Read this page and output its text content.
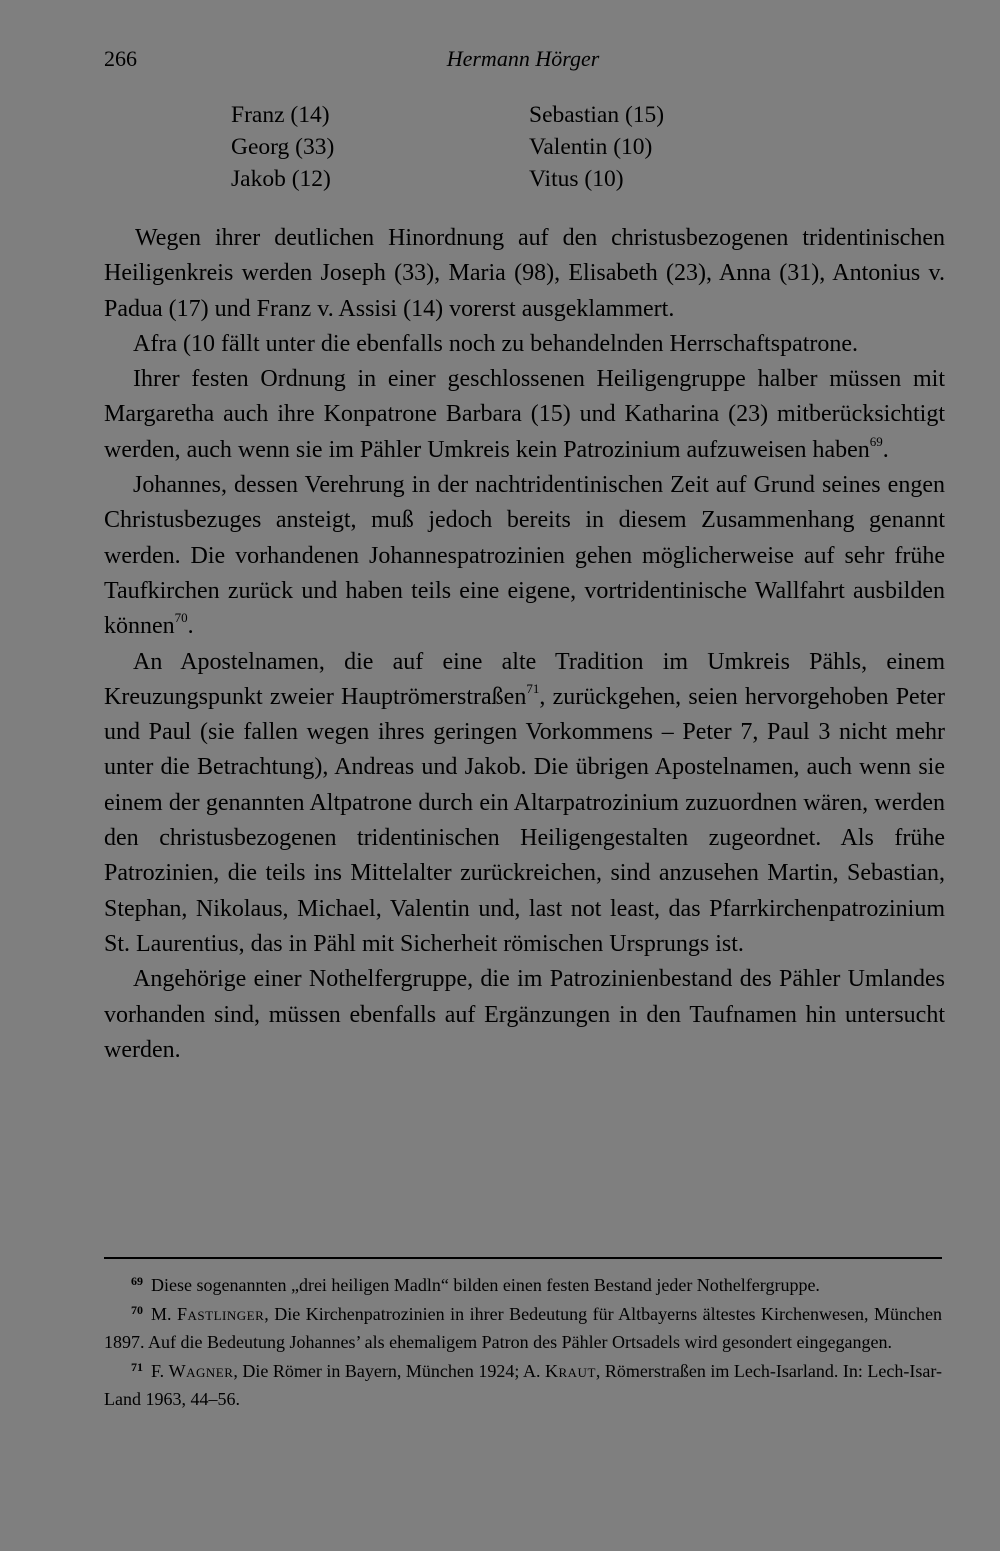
266	Hermann Hörger
Franz (14)
Georg (33)
Jakob (12)
Sebastian (15)
Valentin (10)
Vitus (10)

Wegen ihrer deutlichen Hinordnung auf den christusbezogenen tridentinischen Heiligenkreis werden Joseph (33), Maria (98), Elisabeth (23), Anna (31), Antonius v. Padua (17) und Franz v. Assisi (14) vorerst ausgeklammert.

Afra (10 fällt unter die ebenfalls noch zu behandelnden Herrschaftspatrone.

Ihrer festen Ordnung in einer geschlossenen Heiligengruppe halber müssen mit Margaretha auch ihre Konpatrone Barbara (15) und Katharina (23) mitberücksichtigt werden, auch wenn sie im Pähler Umkreis kein Patrozinium aufzuweisen haben$^{69}$.

Johannes, dessen Verehrung in der nachtridentinischen Zeit auf Grund seines engen Christusbezuges ansteigt, muß jedoch bereits in diesem Zusammenhang genannt werden. Die vorhandenen Johannespatrozinien gehen möglicherweise auf sehr frühe Taufkirchen zurück und haben teils eine eigene, vortridentinische Wallfahrt ausbilden können$^{70}$.

An Apostelnamen, die auf eine alte Tradition im Umkreis Pähls, einem Kreuzungspunkt zweier Hauptrömerstraßen$^{71}$, zurückgehen, seien hervorgehoben Peter und Paul (sie fallen wegen ihres geringen Vorkommens – Peter 7, Paul 3 nicht mehr unter die Betrachtung), Andreas und Jakob. Die übrigen Apostelnamen, auch wenn sie einem der genannten Altpatrone durch ein Altarpatrozinium zuzuordnen wären, werden den christusbezogenen tridentinischen Heiligengestalten zugeordnet. Als frühe Patrozinien, die teils ins Mittelalter zurückreichen, sind anzusehen Martin, Sebastian, Stephan, Nikolaus, Michael, Valentin und, last not least, das Pfarrkirchenpatrozinium St. Laurentius, das in Pähl mit Sicherheit römischen Ursprungs ist.

Angehörige einer Nothelfergruppe, die im Patrozinienbestand des Pähler Umlandes vorhanden sind, müssen ebenfalls auf Ergänzungen in den Taufnamen hin untersucht werden.

$^{69}$ Diese sogenannten „drei heiligen Madln“ bilden einen festen Bestand jeder Nothelfergruppe.

$^{70}$ M. Fastlinger, Die Kirchenpatrozinien in ihrer Bedeutung für Altbayerns ältestes Kirchenwesen, München 1897. Auf die Bedeutung Johannes’ als ehemaligem Patron des Pähler Ortsadels wird gesondert eingegangen.

$^{71}$ F. Wagner, Die Römer in Bayern, München 1924; A. Kraut, Römerstraßen im Lech-Isarland. In: Lech-Isar-Land 1963, 44–56.
